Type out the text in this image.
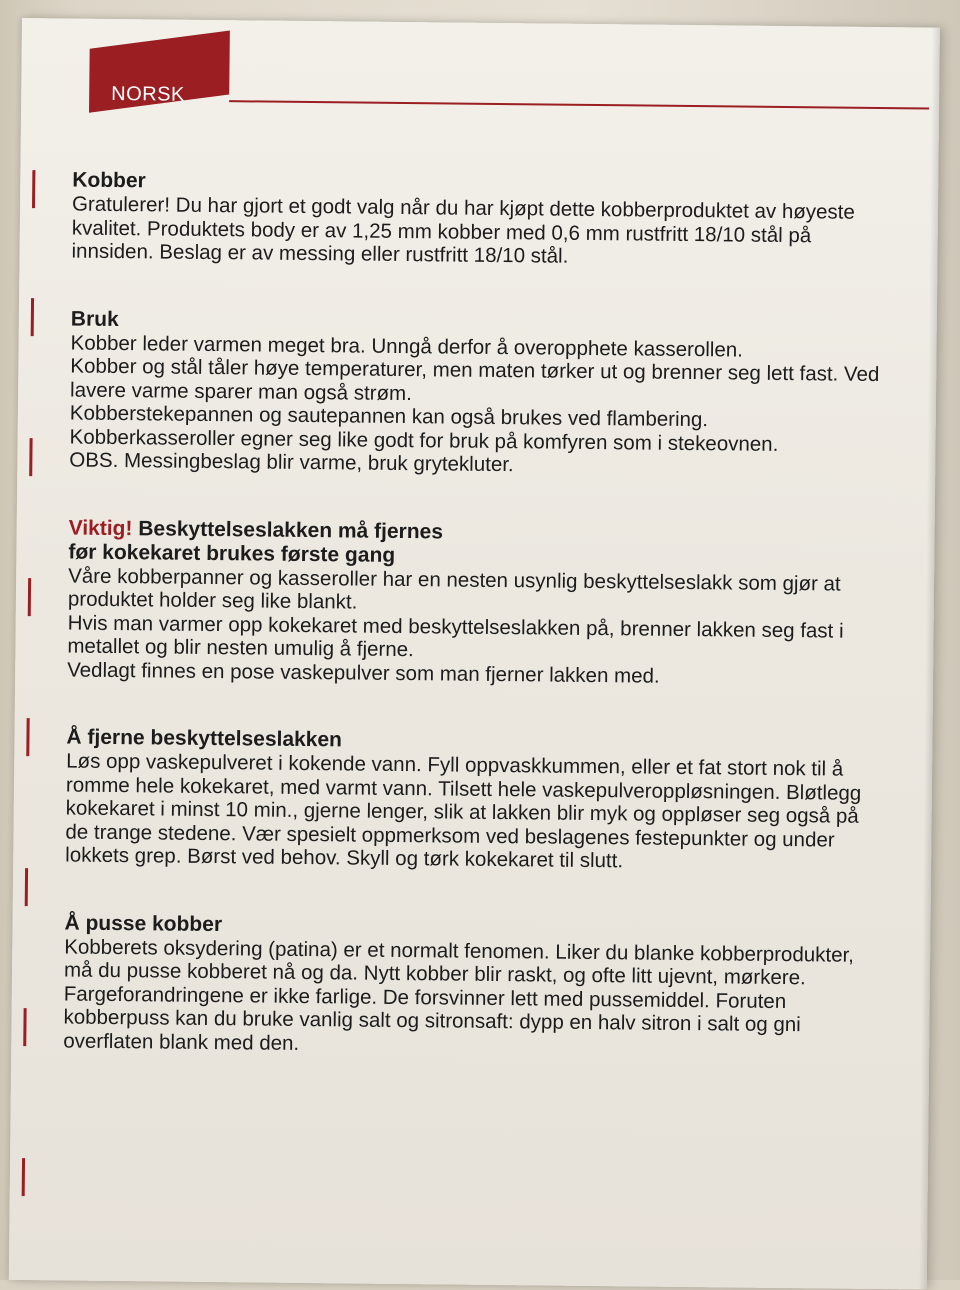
NORSK
Kobber

Gratulerer! Du har gjort et godt valg når du har kjøpt dette kobberproduktet av høyeste kvalitet. Produktets body er av 1,25 mm kobber med 0,6 mm rustfritt 18/10 stål på innsiden. Beslag er av messing eller rustfritt 18/10 stål.

Bruk

Kobber leder varmen meget bra. Unngå derfor å overopphete kasserollen.

Kobber og stål tåler høye temperaturer, men maten tørker ut og brenner seg lett fast. Ved lavere varme sparer man også strøm.

Kobberstekepannen og sautepannen kan også brukes ved flambering.

Kobberkasseroller egner seg like godt for bruk på komfyren som i stekeovnen.

OBS. Messingbeslag blir varme, bruk grytekluter.

Viktig! Beskyttelseslakken må fjernes
før kokekaret brukes første gang

Våre kobberpanner og kasseroller har en nesten usynlig beskyttelseslakk som gjør at produktet holder seg like blankt.

Hvis man varmer opp kokekaret med beskyttelseslakken på, brenner lakken seg fast i metallet og blir nesten umulig å fjerne.

Vedlagt finnes en pose vaskepulver som man fjerner lakken med.

Å fjerne beskyttelseslakken

Løs opp vaskepulveret i kokende vann. Fyll oppvaskkummen, eller et fat stort nok til å romme hele kokekaret, med varmt vann. Tilsett hele vaskepulveroppløsningen. Bløtlegg kokekaret i minst 10 min., gjerne lenger, slik at lakken blir myk og oppløser seg også på de trange stedene. Vær spesielt oppmerksom ved beslagenes festepunkter og under lokkets grep. Børst ved behov. Skyll og tørk kokekaret til slutt.

Å pusse kobber

Kobberets oksydering (patina) er et normalt fenomen. Liker du blanke kobberprodukter, må du pusse kobberet nå og da. Nytt kobber blir raskt, og ofte litt ujevnt, mørkere. Fargeforandringene er ikke farlige. De forsvinner lett med pussemiddel. Foruten kobberpuss kan du bruke vanlig salt og sitronsaft: dypp en halv sitron i salt og gni overflaten blank med den.
